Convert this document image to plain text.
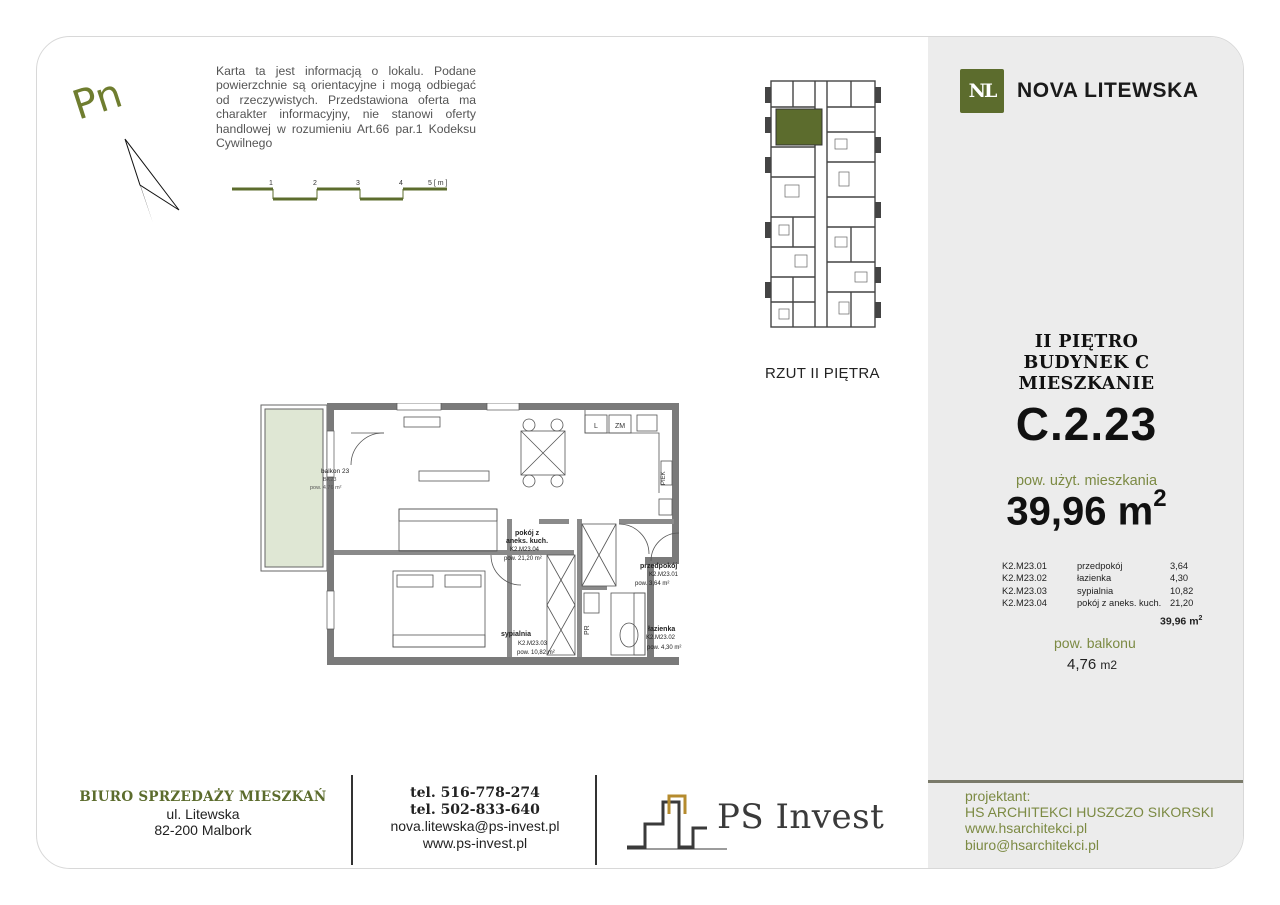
Pn	Karta ta jest informacją o lokalu. Podane powierzchnie są orientacyjne i mogą odbiegać od rzeczywistych. Przedstawiona oferta ma charakter informacyjny, nie stanowi oferty handlowej w rozumieniu Art.66 par.1 Kodeksu Cywilnego
1	2	3	4	5 [ m ]
RZUT II PIĘTRA
L ZM
PIEK
PR
balkon 23
BK23
pow. 4,76 m²
pokój z
aneks. kuch.
K2.M23.04
pow. 21,20 m²
przedpokój
K2.M23.01
pow. 3,64 m²
sypialnia
K2.M23.03
pow. 10,82 m²
łazienka
K2.M23.02
pow. 4,30 m²
NL	NOVA LITEWSKA
II PIĘTRO
BUDYNEK C
MIESZKANIE
C.2.23
pow. użyt. mieszkania
39,96 $m^2$
K2.M23.01	przedpokój	3,64
K2.M23.02	łazienka	4,30
K2.M23.03	sypialnia	10,82
K2.M23.04	pokój z aneks. kuch.	21,20
39,96 $m^2$
pow. balkonu
4,76 m2
projektant:
HS ARCHITEKCI HUSZCZO SIKORSKI
www.hsarchitekci.pl
biuro@hsarchitekci.pl
BIURO SPRZEDAŻY MIESZKAŃ
ul. Litewska
82-200 Malbork
tel. 516-778-274
tel. 502-833-640
nova.litewska@ps-invest.pl
www.ps-invest.pl
PS Invest
